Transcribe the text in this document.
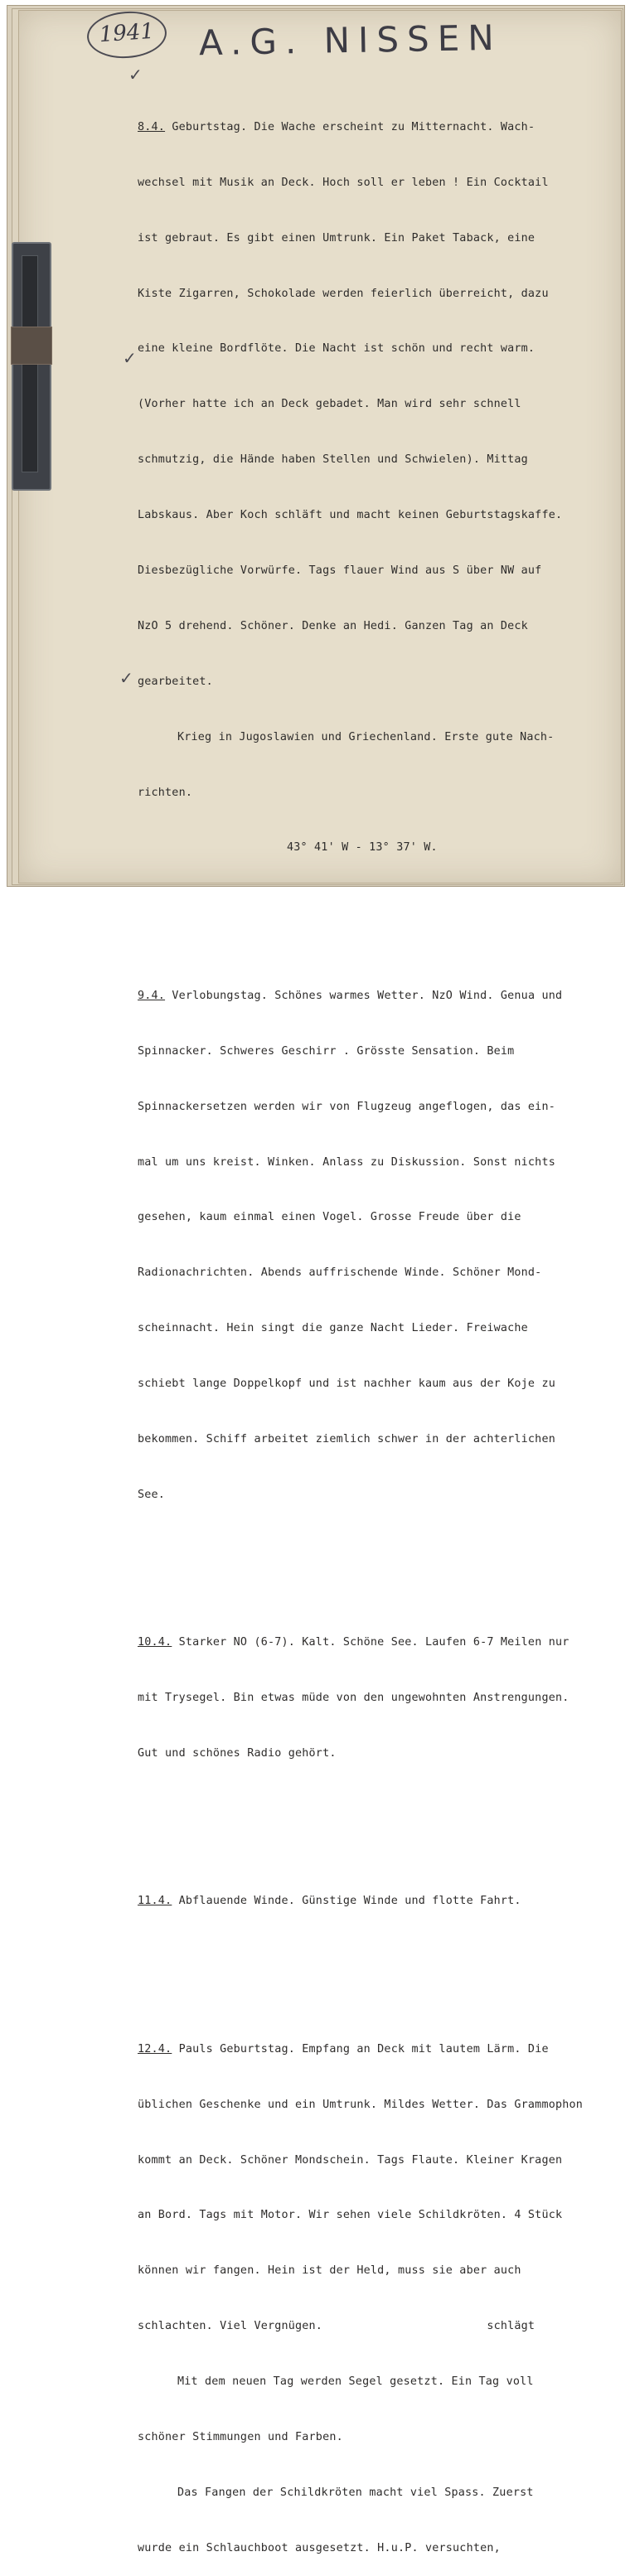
1941	A.G. NISSEN
✓
✓
✓

8.4. Geburtstag. Die Wache erscheint zu Mitternacht. Wach-

wechsel mit Musik an Deck. Hoch soll er leben ! Ein Cocktail

ist gebraut. Es gibt einen Umtrunk. Ein Paket Taback, eine

Kiste Zigarren, Schokolade werden feierlich überreicht, dazu

eine kleine Bordflöte. Die Nacht ist schön und recht warm.

(Vorher hatte ich an Deck gebadet. Man wird sehr schnell

schmutzig, die Hände haben Stellen und Schwielen). Mittag

Labskaus. Aber Koch schläft und macht keinen Geburtstagskaffe.

Diesbezügliche Vorwürfe. Tags flauer Wind aus S über NW auf

NzO 5 drehend. Schöner. Denke an Hedi. Ganzen Tag an Deck

gearbeitet.

Krieg in Jugoslawien und Griechenland. Erste gute Nach-

richten.

43° 41' W - 13° 37' W.

9.4. Verlobungstag. Schönes warmes Wetter. NzO Wind. Genua und

Spinnacker. Schweres Geschirr . Grösste Sensation. Beim

Spinnackersetzen werden wir von Flugzeug angeflogen, das ein-

mal um uns kreist. Winken. Anlass zu Diskussion. Sonst nichts

gesehen, kaum einmal einen Vogel. Grosse Freude über die

Radionachrichten. Abends auffrischende Winde. Schöner Mond-

scheinnacht. Hein singt die ganze Nacht Lieder. Freiwache

schiebt lange Doppelkopf und ist nachher kaum aus der Koje zu

bekommen. Schiff arbeitet ziemlich schwer in der achterlichen

See.

10.4. Starker NO (6-7). Kalt. Schöne See. Laufen 6-7 Meilen nur

mit Trysegel. Bin etwas müde von den ungewohnten Anstrengungen.

Gut und schönes Radio gehört.

11.4. Abflauende Winde. Günstige Winde und flotte Fahrt.

12.4. Pauls Geburtstag. Empfang an Deck mit lautem Lärm. Die

üblichen Geschenke und ein Umtrunk. Mildes Wetter. Das Grammophon

kommt an Deck. Schöner Mondschein. Tags Flaute. Kleiner Kragen

an Bord. Tags mit Motor. Wir sehen viele Schildkröten. 4 Stück

können wir fangen. Hein ist der Held, muss sie aber auch

schlachten. Viel Vergnügen.                        schlägt

Mit dem neuen Tag werden Segel gesetzt. Ein Tag voll

schöner Stimmungen und Farben.

Das Fangen der Schildkröten macht viel Spass. Zuerst

wurde ein Schlauchboot ausgesetzt. H.u.P. versuchten,
